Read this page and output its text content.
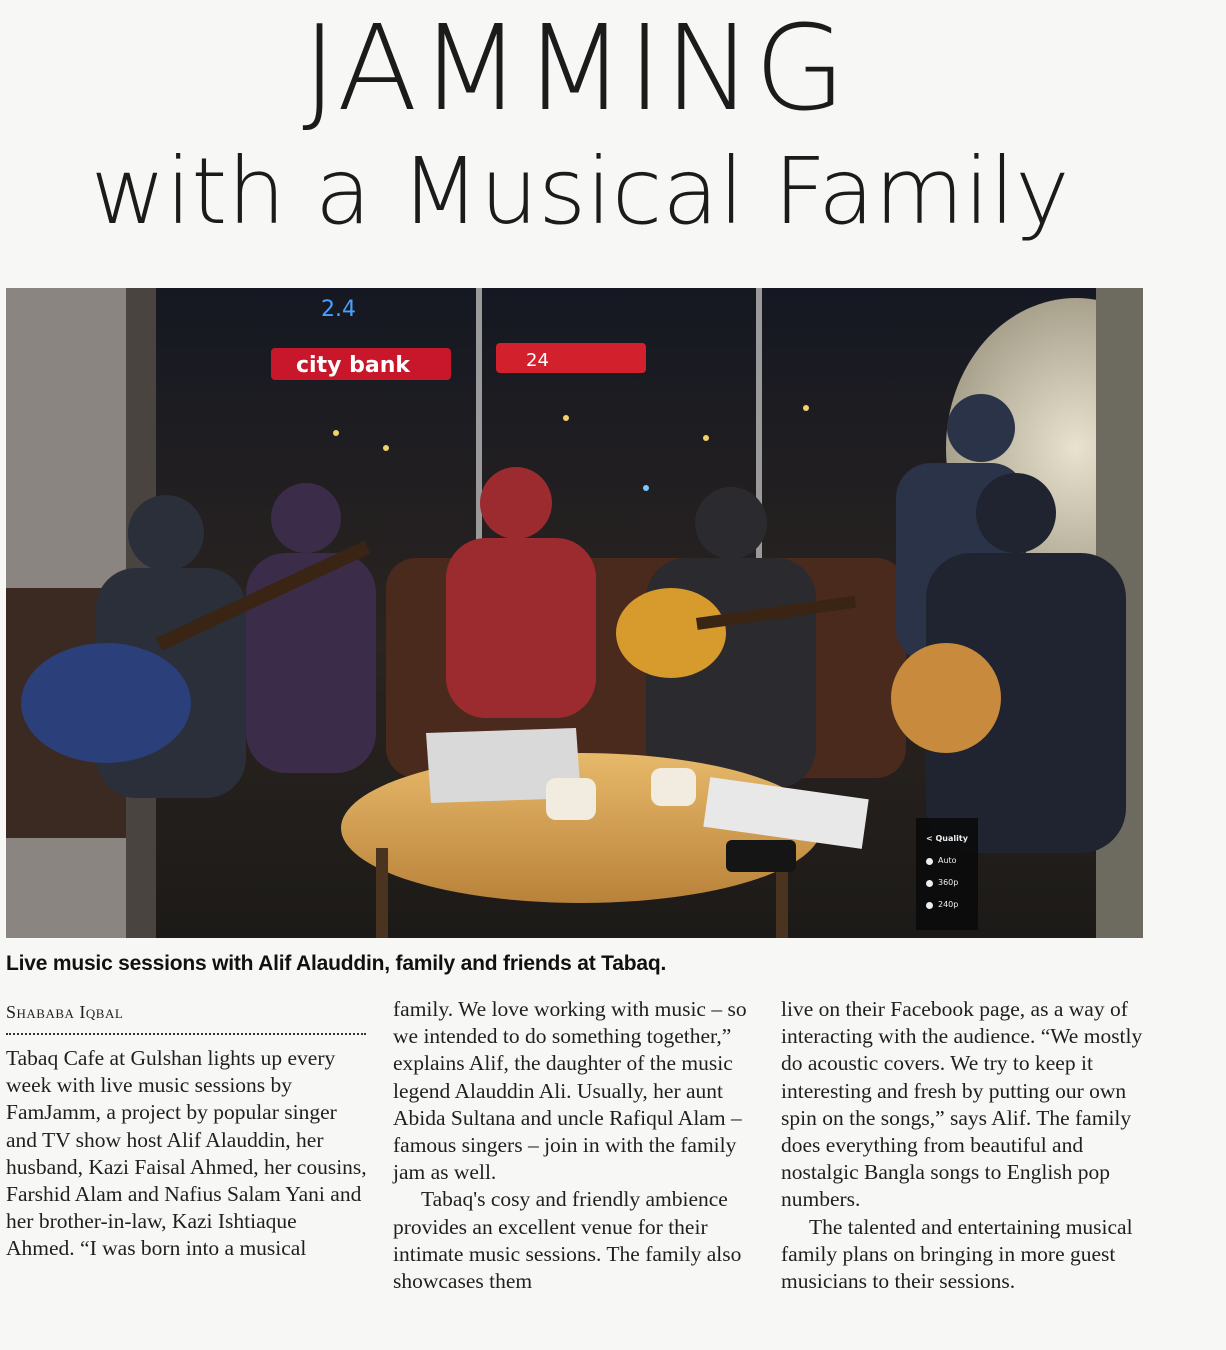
JAMMING
with a Musical Family
city bank
2.4
24
< Quality
Auto
360p
240p
Live music sessions with Alif Alauddin, family and friends at Tabaq.
Shababa Iqbal

Tabaq Cafe at Gulshan lights up every week with live music sessions by FamJamm, a project by popular singer and TV show host Alif Alauddin, her husband, Kazi Faisal Ahmed, her cousins, Farshid Alam and Nafius Salam Yani and her brother-in-law, Kazi Ishtiaque Ahmed. “I was born into a musical

family. We love working with music – so we intended to do something together,” explains Alif, the daughter of the music legend Alauddin Ali. Usually, her aunt Abida Sultana and uncle Rafiqul Alam – famous singers – join in with the family jam as well.

Tabaq's cosy and friendly ambience provides an excellent venue for their intimate music sessions. The family also showcases them

live on their Facebook page, as a way of interacting with the audience. “We mostly do acoustic covers. We try to keep it interesting and fresh by putting our own spin on the songs,” says Alif. The family does everything from beautiful and nostalgic Bangla songs to English pop numbers.

The talented and entertaining musical family plans on bringing in more guest musicians to their sessions.
